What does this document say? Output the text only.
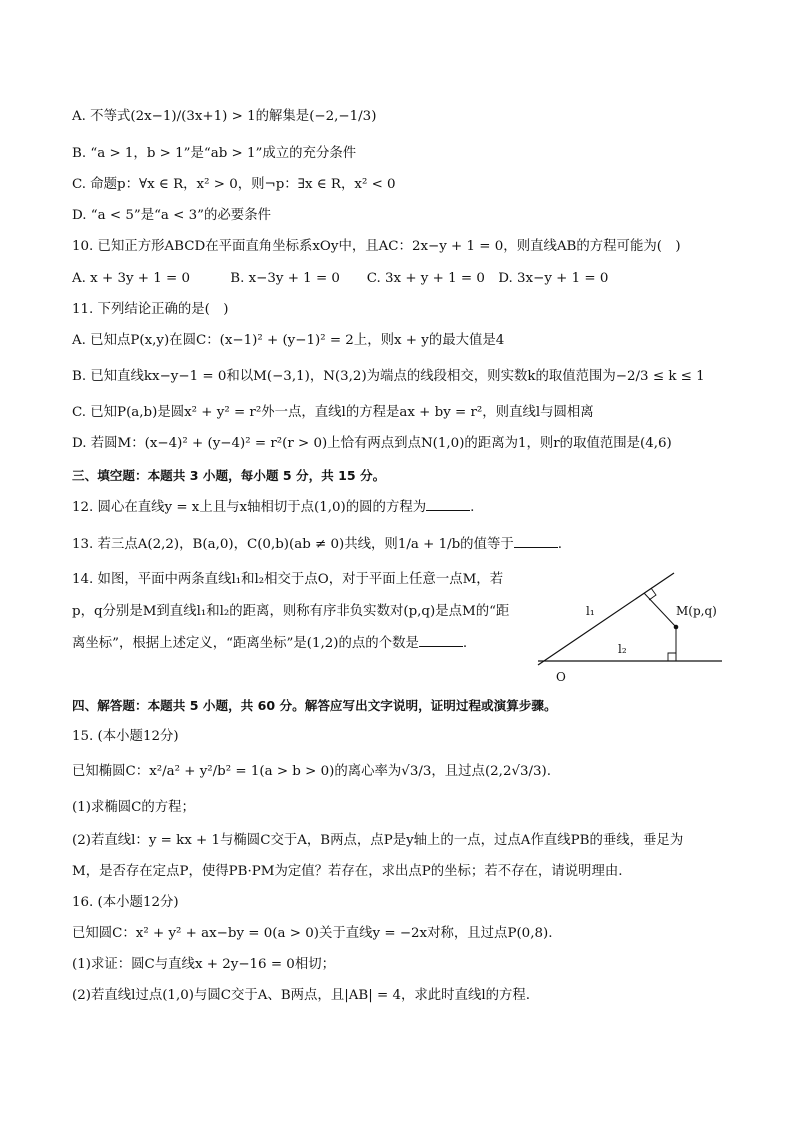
A. 不等式(2x−1)/(3x+1) > 1的解集是(−2,−1/3)
B. “a > 1，b > 1”是“ab > 1”成立的充分条件
C. 命题p：∀x ∈ R，x² > 0，则¬p：∃x ∈ R，x² < 0
D. “a < 5”是“a < 3”的必要条件
10. 已知正方形ABCD在平面直角坐标系xOy中，且AC：2x−y + 1 = 0，则直线AB的方程可能为(　)
A. x + 3y + 1 = 0　　　B. x−3y + 1 = 0　　C. 3x + y + 1 = 0　D. 3x−y + 1 = 0
11. 下列结论正确的是(　)
A. 已知点P(x,y)在圆C：(x−1)² + (y−1)² = 2上，则x + y的最大值是4
B. 已知直线kx−y−1 = 0和以M(−3,1)，N(3,2)为端点的线段相交，则实数k的取值范围为−2/3 ≤ k ≤ 1
C. 已知P(a,b)是圆x² + y² = r²外一点，直线l的方程是ax + by = r²，则直线l与圆相离
D. 若圆M：(x−4)² + (y−4)² = r²(r > 0)上恰有两点到点N(1,0)的距离为1，则r的取值范围是(4,6)
三、填空题：本题共 3 小题，每小题 5 分，共 15 分。
12. 圆心在直线y = x上且与x轴相切于点(1,0)的圆的方程为	.
13. 若三点A(2,2)，B(a,0)，C(0,b)(ab ≠ 0)共线，则1/a + 1/b的值等于	.
14. 如图，平面中两条直线l₁和l₂相交于点O，对于平面上任意一点M，若
p，q分别是M到直线l₁和l₂的距离，则称有序非负实数对(p,q)是点M的“距
离坐标”，根据上述定义，“距离坐标”是(1,2)的点的个数是	.
l₁
l₂
M(p,q)
O
四、解答题：本题共 5 小题，共 60 分。解答应写出文字说明，证明过程或演算步骤。
15. (本小题12分)
已知椭圆C：x²/a² + y²/b² = 1(a > b > 0)的离心率为√3/3，且过点(2,2√3/3).
(1)求椭圆C的方程；
(2)若直线l：y = kx + 1与椭圆C交于A，B两点，点P是y轴上的一点，过点A作直线PB的垂线，垂足为
M，是否存在定点P，使得PB·PM为定值？若存在，求出点P的坐标；若不存在，请说明理由.
16. (本小题12分)
已知圆C：x² + y² + ax−by = 0(a > 0)关于直线y = −2x对称，且过点P(0,8).
(1)求证：圆C与直线x + 2y−16 = 0相切；
(2)若直线l过点(1,0)与圆C交于A、B两点，且|AB| = 4，求此时直线l的方程.
